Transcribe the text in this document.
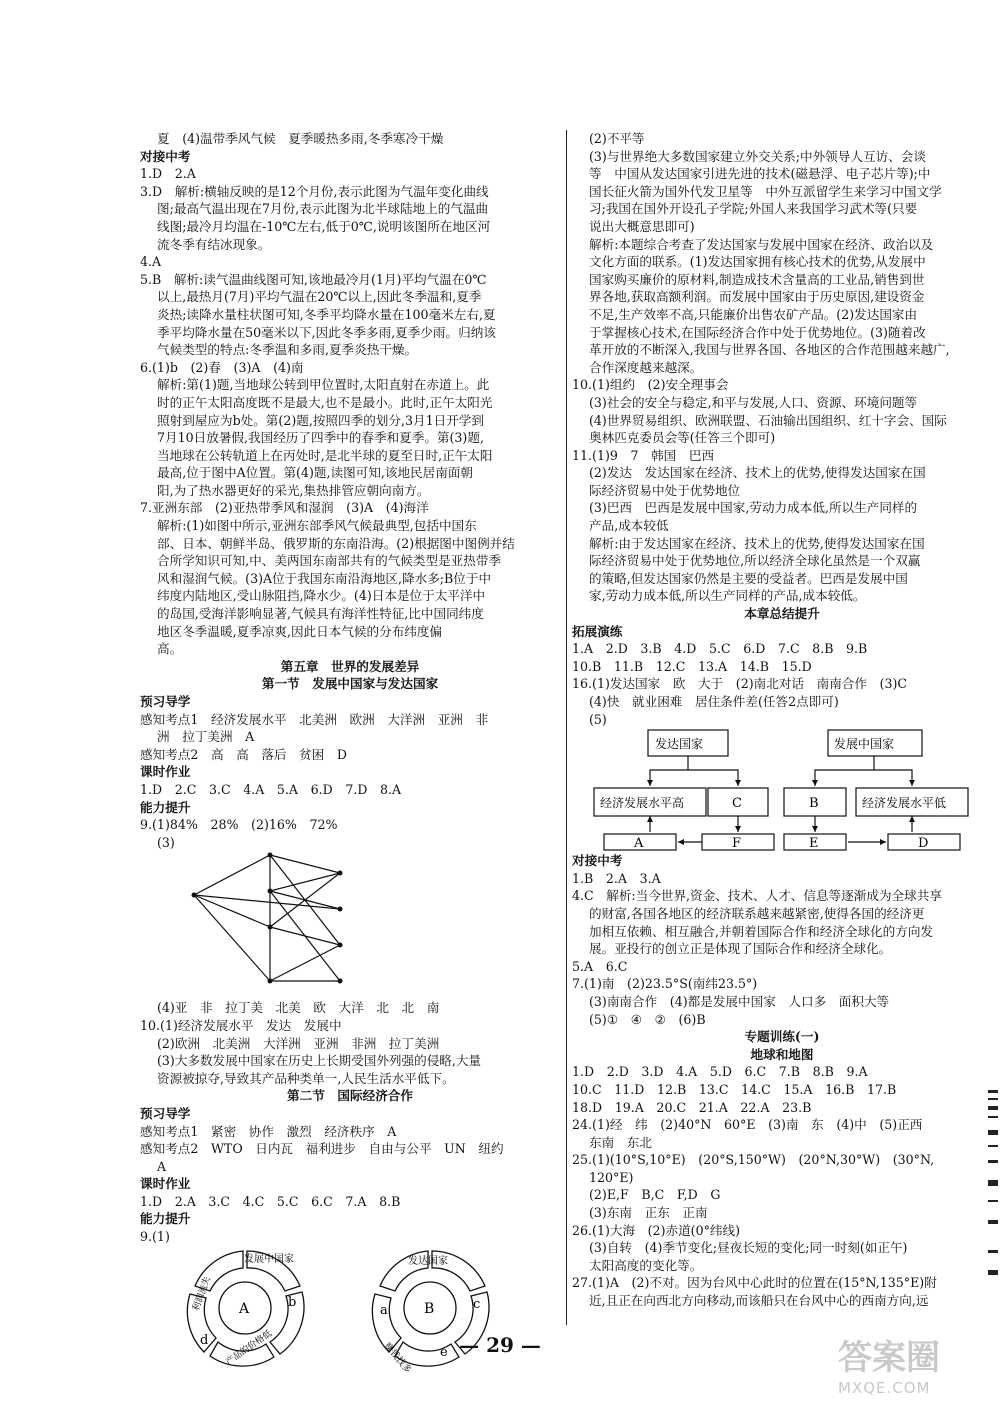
夏　(4)温带季风气候　夏季暖热多雨,冬季寒冷干燥
对接中考
1.D　2.A
3.D　解析:横轴反映的是12个月份,表示此图为气温年变化曲线
图;最高气温出现在7月份,表示此图为北半球陆地上的气温曲
线图;最冷月均温在-10℃左右,低于0℃,说明该图所在地区河
流冬季有结冰现象。
4.A
5.B　解析:读气温曲线图可知,该地最冷月(1月)平均气温在0℃
以上,最热月(7月)平均气温在20℃以上,因此冬季温和,夏季
炎热;读降水量柱状图可知,冬季平均降水量在100毫米左右,夏
季平均降水量在50毫米以下,因此冬季多雨,夏季少雨。归纳该
气候类型的特点:冬季温和多雨,夏季炎热干燥。
6.(1)b　(2)春　(3)A　(4)南
解析:第(1)题,当地球公转到甲位置时,太阳直射在赤道上。此
时的正午太阳高度既不是最大,也不是最小。此时,正午太阳光
照射到屋应为b处。第(2)题,按照四季的划分,3月1日开学到
7月10日放暑假,我国经历了四季中的春季和夏季。第(3)题,
当地球在公转轨道上在丙处时,是北半球的夏至日时,正午太阳
最高,位于图中A位置。第(4)题,读图可知,该地民居南面朝
阳,为了热水器更好的采光,集热排管应朝向南方。
7.亚洲东部　(2)亚热带季风和湿润　(3)A　(4)海洋
解析:(1)如图中所示,亚洲东部季风气候最典型,包括中国东
部、日本、朝鲜半岛、俄罗斯的东南沿海。(2)根据图中图例并结
合所学知识可知,中、美两国东南部共有的气候类型是亚热带季
风和湿润气候。(3)A位于我国东南沿海地区,降水多;B位于中
纬度内陆地区,受山脉阻挡,降水少。(4)日本是位于太平洋中
的岛国,受海洋影响显著,气候具有海洋性特征,比中国同纬度
地区冬季温暖,夏季凉爽,因此日本气候的分布纬度偏
高。
第五章　世界的发展差异
第一节　发展中国家与发达国家
预习导学
感知考点1　经济发展水平　北美洲　欧洲　大洋洲　亚洲　非
洲　拉丁美洲　A
感知考点2　高　高　落后　贫困　D
课时作业
1.D　2.C　3.C　4.A　5.A　6.D　7.D　8.A
能力提升
9.(1)84%　28%　(2)16%　72%
(3)
(4)亚　非　拉丁美　北美　欧　大洋　北　北　南
10.(1)经济发展水平　发达　发展中
(2)欧洲　北美洲　大洋洲　亚洲　非洲　拉丁美洲
(3)大多数发展中国家在历史上长期受国外列强的侵略,大量
资源被掠夺,导致其产品种类单一,人民生活水平低下。
第二节　国际经济合作
预习导学
感知考点1　紧密　协作　激烈　经济秩序　A
感知考点2　WTO　日内瓦　福利进步　自由与公平　UN　纽约
A
课时作业
1.D　2.A　3.C　4.C　5.C　6.C　7.A　8.B
能力提升
9.(1)
A
发展中国家
b
产品的价格低
d
利润流失	B
发达国家
c
e
赚钱找多
a
(2)不平等
(3)与世界绝大多数国家建立外交关系;中外领导人互访、会谈
等　中国从发达国家引进先进的技术(磁悬浮、电子芯片等);中
国长征火箭为国外代发卫星等　中外互派留学生来学习中国文学
习;我国在国外开设孔子学院;外国人来我国学习武术等(只要
说出大概意思即可)
解析:本题综合考查了发达国家与发展中国家在经济、政治以及
文化方面的联系。(1)发达国家拥有核心技术的优势,从发展中
国家购买廉价的原材料,制造成技术含量高的工业品,销售到世
界各地,获取高额利润。而发展中国家由于历史原因,建设资金
不足,生产效率不高,只能廉价出售农矿产品。(2)发达国家由
于掌握核心技术,在国际经济合作中处于优势地位。(3)随着改
革开放的不断深入,我国与世界各国、各地区的合作范围越来越广,
合作深度越来越深。
10.(1)组约　(2)安全理事会
(3)社会的安全与稳定,和平与发展,人口、资源、环境问题等
(4)世界贸易组织、欧洲联盟、石油输出国组织、红十字会、国际
奥林匹克委员会等(任答三个即可)
11.(1)9　7　韩国　巴西
(2)发达　发达国家在经济、技术上的优势,使得发达国家在国
际经济贸易中处于优势地位
(3)巴西　巴西是发展中国家,劳动力成本低,所以生产同样的
产品,成本较低
解析:由于发达国家在经济、技术上的优势,使得发达国家在国
际经济贸易中处于优势地位,所以经济全球化虽然是一个双赢
的策略,但发达国家仍然是主要的受益者。巴西是发展中国
家,劳动力成本低,所以生产同样的产品,成本较低。
本章总结提升
拓展演练
1.A　2.D　3.B　4.D　5.C　6.D　7.C　8.B　9.B
10.B　11.B　12.C　13.A　14.B　15.D
16.(1)发达国家　欧　大于　(2)南北对话　南南合作　(3)C
(4)快　就业困难　居住条件差(任答2点即可)
(5)
发达国家	发展中国家
经济发展水平高	经济发展水平低
C	B
A	F	E	D
对接中考
1.B　2.A　3.A
4.C　解析:当今世界,资金、技术、人才、信息等逐渐成为全球共享
的财富,各国各地区的经济联系越来越紧密,使得各国的经济更
加相互依赖、相互融合,并朝着国际合作和经济全球化的方向发
展。亚投行的创立正是体现了国际合作和经济全球化。
5.A　6.C
7.(1)南　(2)23.5°S(南纬23.5°)
(3)南南合作　(4)都是发展中国家　人口多　面积大等
(5)①　④　②　(6)B
专题训练(一)
地球和地图
1.D　2.D　3.D　4.A　5.D　6.C　7.B　8.B　9.A
10.C　11.D　12.B　13.C　14.C　15.A　16.B　17.B
18.D　19.A　20.C　21.A　22.A　23.B
24.(1)经　纬　(2)40°N　60°E　(3)南　东　(4)中　(5)正西
东南　东北
25.(1)(10°S,10°E)　(20°S,150°W)　(20°N,30°W)　(30°N,
120°E)
(2)E,F　B,C　F,D　G
(3)东南　正东　正南
26.(1)大海　(2)赤道(0°纬线)
(3)自转　(4)季节变化;昼夜长短的变化;同一时刻(如正午)
太阳高度的变化等。
27.(1)A　(2)不对。因为台风中心此时的位置在(15°N,135°E)附
近,且正在向西北方向移动,而该船只在台风中心的西南方向,远
— 29 —	答案圈
MXQE.COM
